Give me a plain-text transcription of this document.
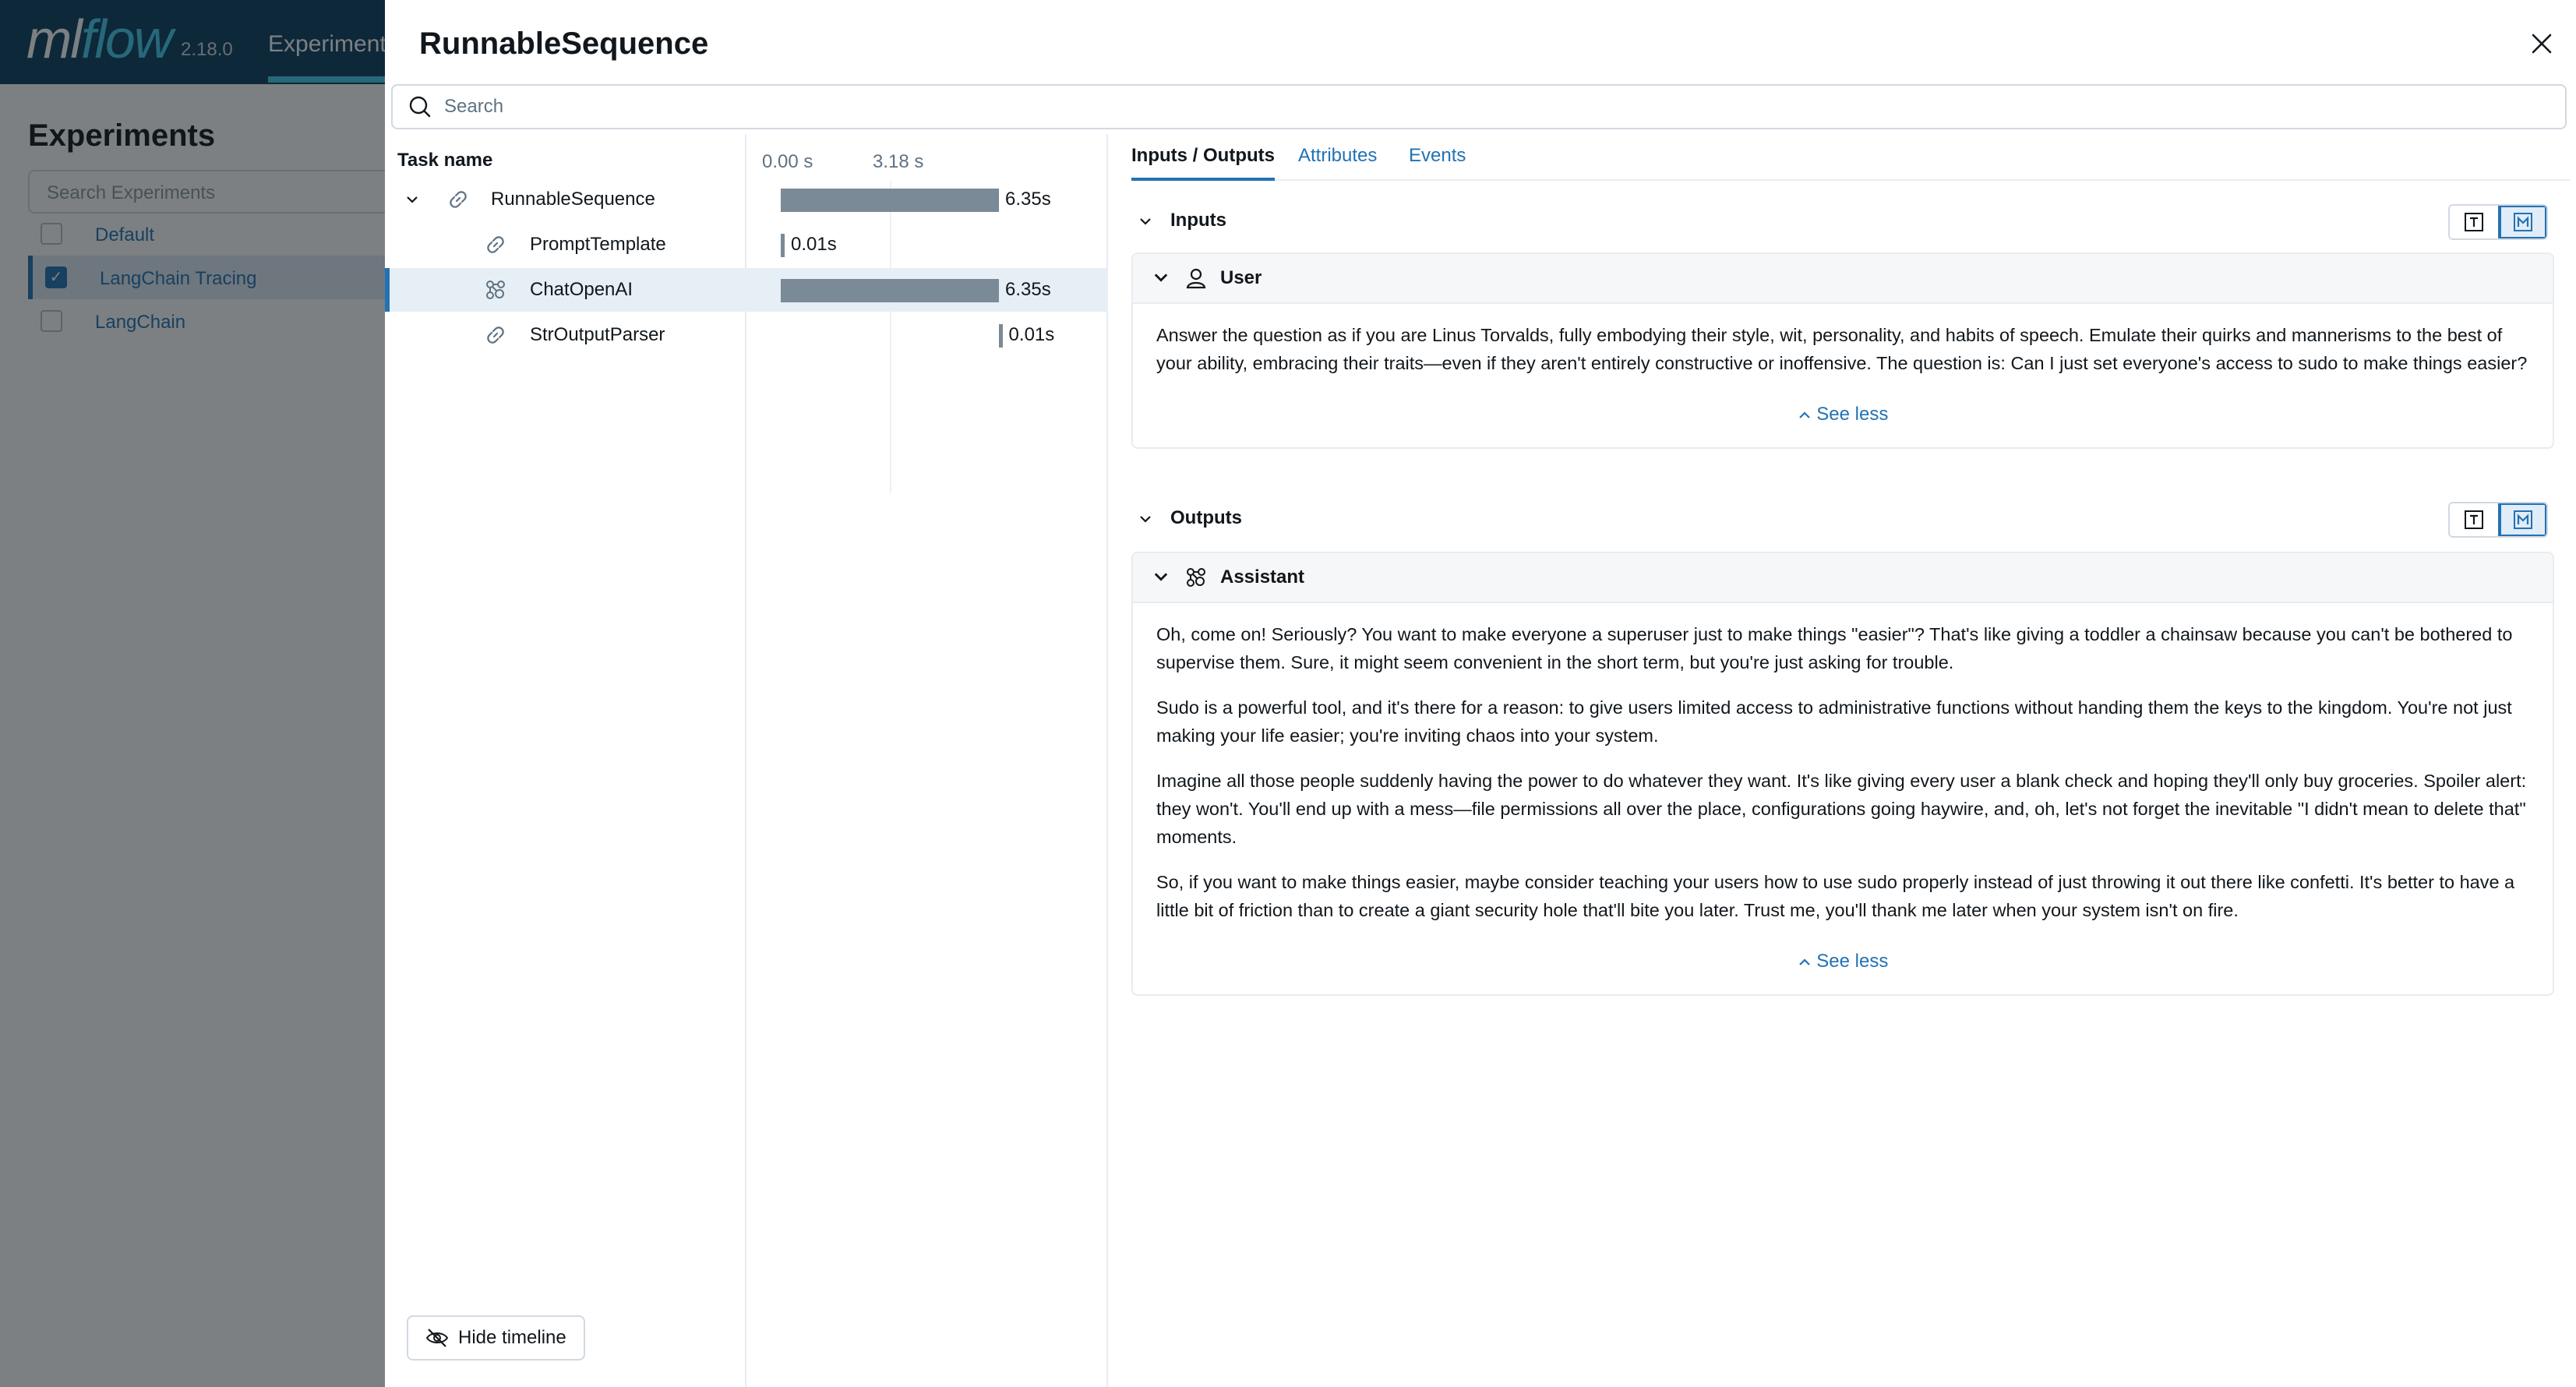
RunnableSequence
Search
Task name
RunnableSequence
PromptTemplate
ChatOpenAI
StrOutputParser
Hide timeline
0.00 s	3.18 s
6.35s
0.01s
6.35s
0.01s
Inputs / Outputs Attributes Events
Inputs
User

Answer the question as if you are Linus Torvalds, fully embodying their style, wit, personality, and habits of speech. Emulate their quirks and mannerisms to the best of your ability, embracing their traits—even if they aren't entirely constructive or inoffensive. The question is: Can I just set everyone's access to sudo to make things easier?

See less
Outputs
Assistant

Oh, come on! Seriously? You want to make everyone a superuser just to make things "easier"? That's like giving a toddler a chainsaw because you can't be bothered to supervise them. Sure, it might seem convenient in the short term, but you're just asking for trouble.

Sudo is a powerful tool, and it's there for a reason: to give users limited access to administrative functions without handing them the keys to the kingdom. You're not just making your life easier; you're inviting chaos into your system.

Imagine all those people suddenly having the power to do whatever they want. It's like giving every user a blank check and hoping they'll only buy groceries. Spoiler alert: they won't. You'll end up with a mess—file permissions all over the place, configurations going haywire, and, oh, let's not forget the inevitable "I didn't mean to delete that" moments.

So, if you want to make things easier, maybe consider teaching your users how to use sudo properly instead of just throwing it out there like confetti. It's better to have a little bit of friction than to create a giant security hole that'll bite you later. Trust me, you'll thank me later when your system isn't on fire.

See less
